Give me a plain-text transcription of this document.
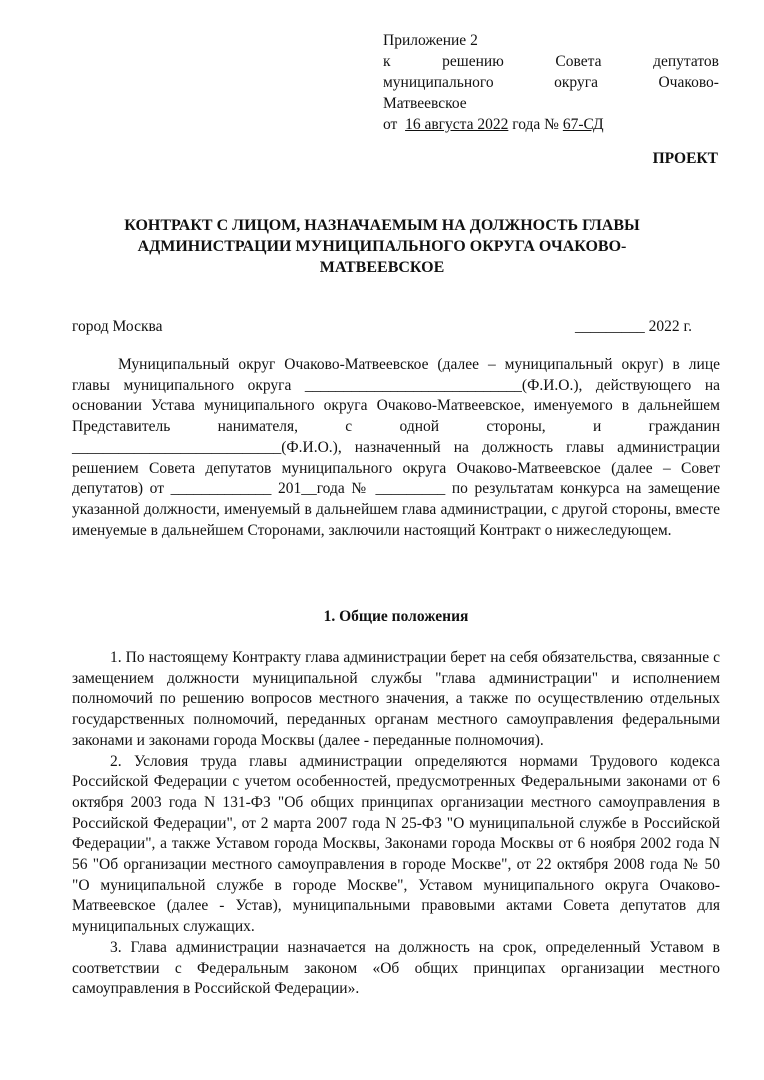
Приложение 2
к	решению	Совета	депутатов
муниципального	округа	Очаково-
Матвеевское
от 16 августа 2022 года № 67-СД
ПРОЕКТ
КОНТРАКТ С ЛИЦОМ, НАЗНАЧАЕМЫМ НА ДОЛЖНОСТЬ ГЛАВЫ АДМИНИСТРАЦИИ МУНИЦИПАЛЬНОГО ОКРУГА ОЧАКОВО-МАТВЕЕВСКОЕ
город Москва	_________ 2022 г.

Муниципальный округ Очаково-Матвеевское (далее – муниципальный округ) в лице главы муниципального округа ____________________________(Ф.И.О.), действующего на основании Устава муниципального округа Очаково-Матвеевское, именуемого в дальнейшем Представитель нанимателя, с одной стороны, и гражданин ___________________________(Ф.И.О.), назначенный на должность главы администрации решением Совета депутатов муниципального округа Очаково-Матвеевское (далее – Совет депутатов) от _____________ 201__года № _________ по результатам конкурса на замещение указанной должности, именуемый в дальнейшем глава администрации, с другой стороны, вместе именуемые в дальнейшем Сторонами, заключили настоящий Контракт о нижеследующем.

1. Общие положения

1. По настоящему Контракту глава администрации берет на себя обязательства, связанные с замещением должности муниципальной службы "глава администрации" и исполнением полномочий по решению вопросов местного значения, а также по осуществлению отдельных государственных полномочий, переданных органам местного самоуправления федеральными законами и законами города Москвы (далее - переданные полномочия).

2. Условия труда главы администрации определяются нормами Трудового кодекса Российской Федерации с учетом особенностей, предусмотренных Федеральными законами от 6 октября 2003 года N 131-ФЗ "Об общих принципах организации местного самоуправления в Российской Федерации", от 2 марта 2007 года N 25-ФЗ "О муниципальной службе в Российской Федерации", а также Уставом города Москвы, Законами города Москвы от 6 ноября 2002 года N 56 "Об организации местного самоуправления в городе Москве", от 22 октября 2008 года № 50 "О муниципальной службе в городе Москве", Уставом муниципального округа Очаково-Матвеевское (далее - Устав), муниципальными правовыми актами Совета депутатов для муниципальных служащих.

3. Глава администрации назначается на должность на срок, определенный Уставом в соответствии с Федеральным законом «Об общих принципах организации местного самоуправления в Российской Федерации».
